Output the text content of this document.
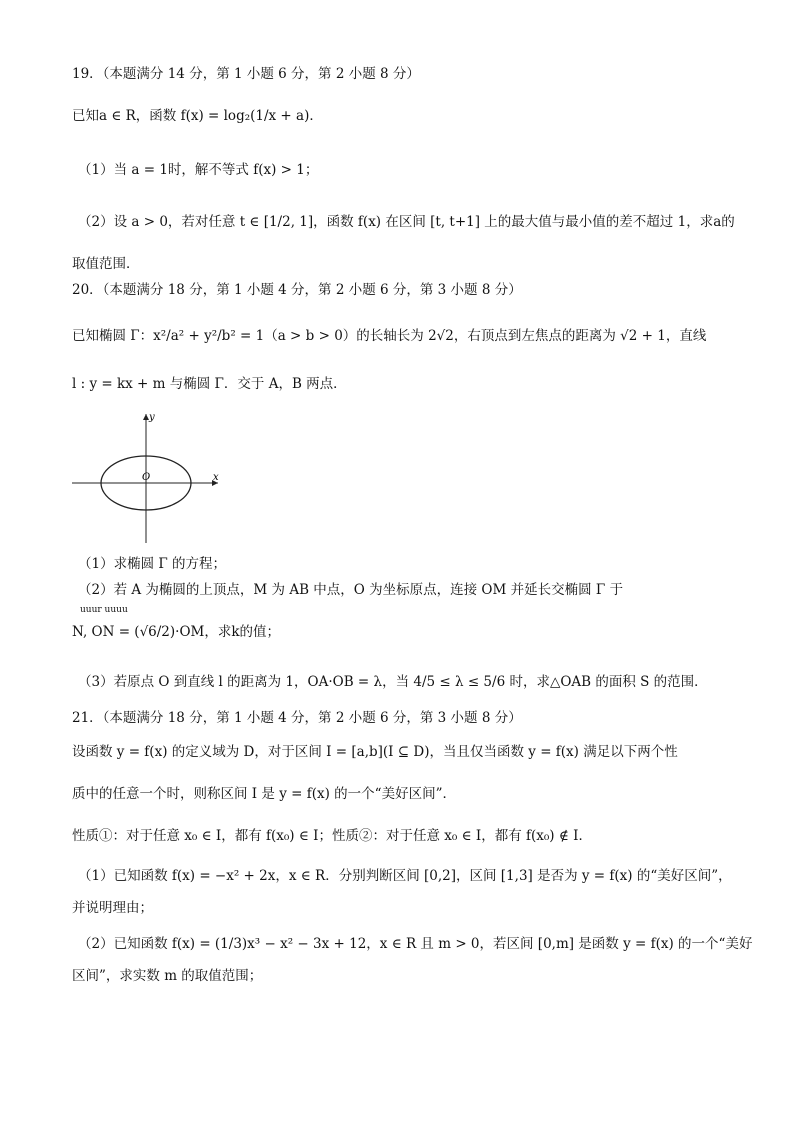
19．（本题满分 14 分，第 1 小题 6 分，第 2 小题 8 分）
已知a ∈ R，函数 f(x) = log₂(1/x + a)．
（1）当 a = 1时，解不等式 f(x) > 1；
（2）设 a > 0，若对任意 t ∈ [1/2, 1]，函数 f(x) 在区间 [t, t+1] 上的最大值与最小值的差不超过 1，求a的
取值范围．
20．（本题满分 18 分，第 1 小题 4 分，第 2 小题 6 分，第 3 小题 8 分）
已知椭圆 Γ：x²/a² + y²/b² = 1（a > b > 0）的长轴长为 2√2，右顶点到左焦点的距离为 √2 + 1，直线
l : y = kx + m 与椭圆 Γ．交于 A，B 两点．
x
y
O
（1）求椭圆 Γ 的方程；
（2）若 A 为椭圆的上顶点，M 为 AB 中点，O 为坐标原点，连接 OM 并延长交椭圆 Γ 于
uuur uuuu
N, ON = (√6/2)·OM，求k的值；
（3）若原点 O 到直线 l 的距离为 1，OA·OB = λ，当 4/5 ≤ λ ≤ 5/6 时，求△OAB 的面积 S 的范围．
21．（本题满分 18 分，第 1 小题 4 分，第 2 小题 6 分，第 3 小题 8 分）
设函数 y = f(x) 的定义域为 D，对于区间 I = [a,b](I ⊆ D)，当且仅当函数 y = f(x) 满足以下两个性
质中的任意一个时，则称区间 I 是 y = f(x) 的一个“美好区间”．
性质①：对于任意 x₀ ∈ I，都有 f(x₀) ∈ I；性质②：对于任意 x₀ ∈ I，都有 f(x₀) ∉ I．
（1）已知函数 f(x) = −x² + 2x，x ∈ R．分别判断区间 [0,2]，区间 [1,3] 是否为 y = f(x) 的“美好区间”，
并说明理由；
（2）已知函数 f(x) = (1/3)x³ − x² − 3x + 12，x ∈ R 且 m > 0，若区间 [0,m] 是函数 y = f(x) 的一个“美好
区间”，求实数 m 的取值范围；
